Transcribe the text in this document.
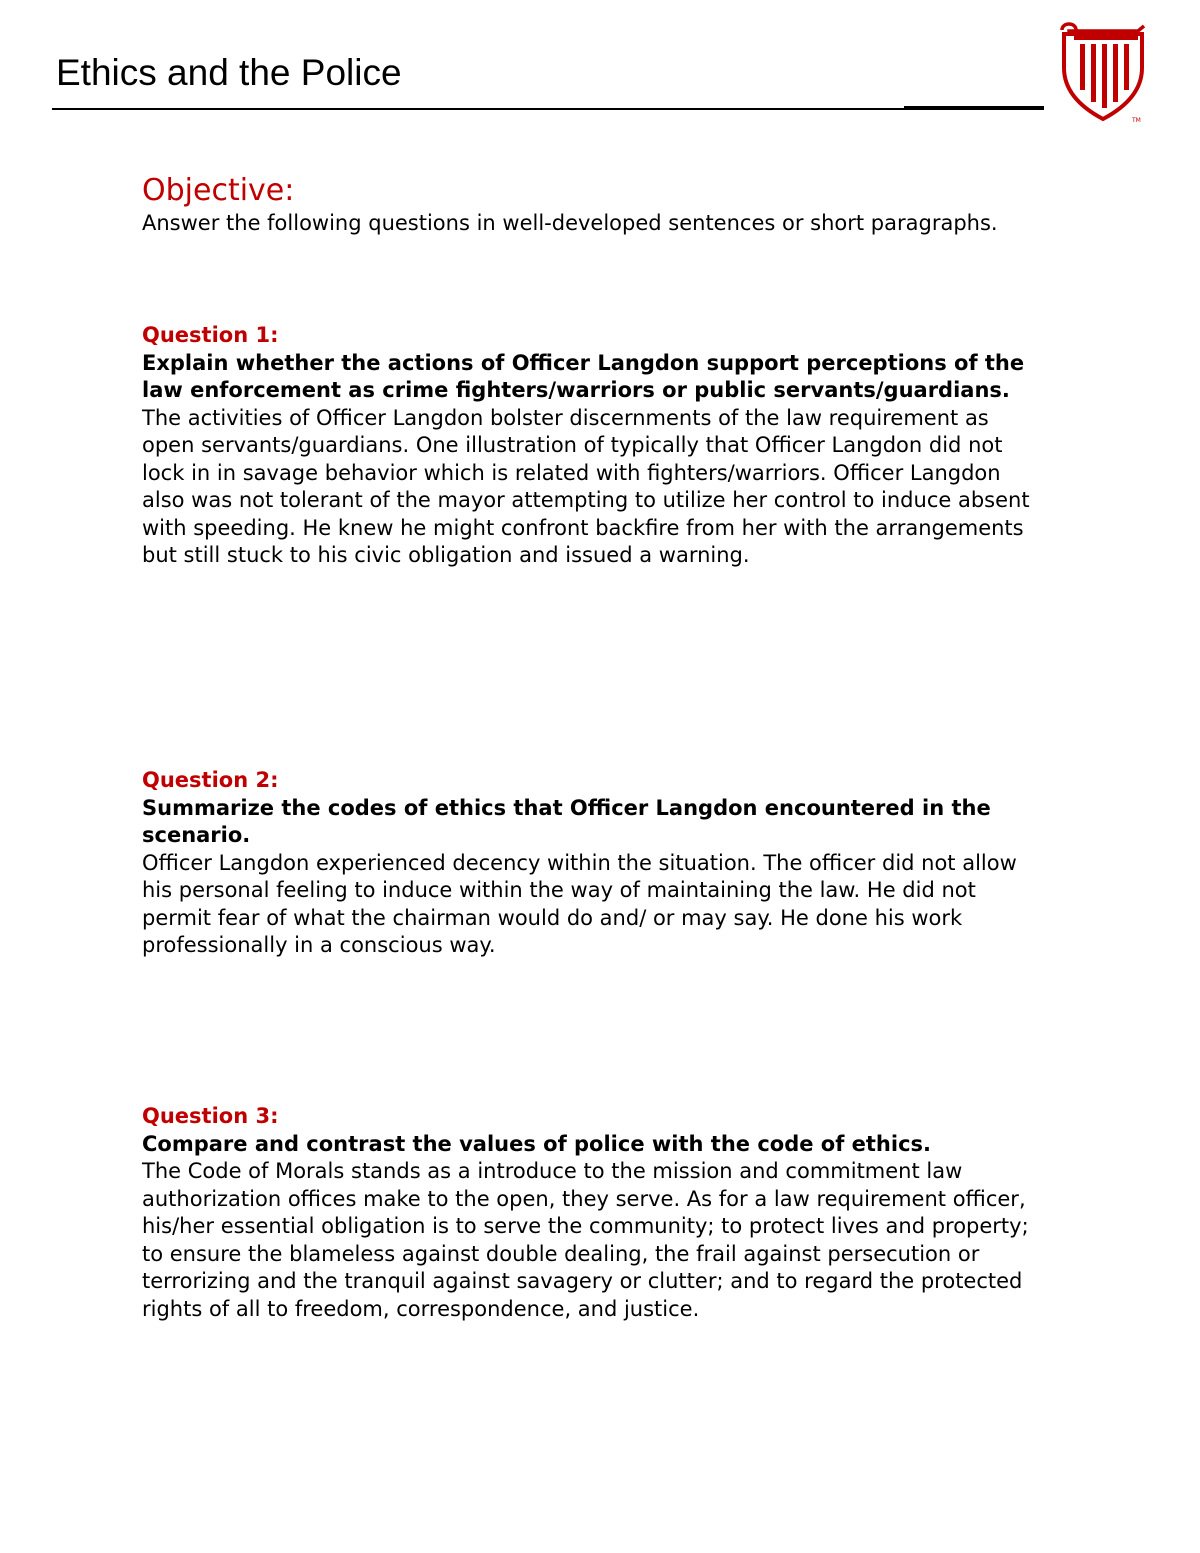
Ethics and the Police
TM
Objective:

Answer the following questions in well-developed sentences or short paragraphs.

Question 1:

Explain whether the actions of Officer Langdon support perceptions of the law enforcement as crime fighters/warriors or public servants/guardians.

The activities of Officer Langdon bolster discernments of the law requirement as open servants/guardians. One illustration of typically that Officer Langdon did not lock in in savage behavior which is related with fighters/warriors. Officer Langdon also was not tolerant of the mayor attempting to utilize her control to induce absent with speeding. He knew he might confront backfire from her with the arrangements but still stuck to his civic obligation and issued a warning.

Question 2:

Summarize the codes of ethics that Officer Langdon encountered in the scenario.

Officer Langdon experienced decency within the situation. The officer did not allow his personal feeling to induce within the way of maintaining the law. He did not permit fear of what the chairman would do and/ or may say. He done his work professionally in a conscious way.

Question 3:

Compare and contrast the values of police with the code of ethics.

The Code of Morals stands as a introduce to the mission and commitment law authorization offices make to the open, they serve. As for a law requirement officer, his/her essential obligation is to serve the community; to protect lives and property; to ensure the blameless against double dealing, the frail against persecution or terrorizing and the tranquil against savagery or clutter; and to regard the protected rights of all to freedom, correspondence, and justice.
